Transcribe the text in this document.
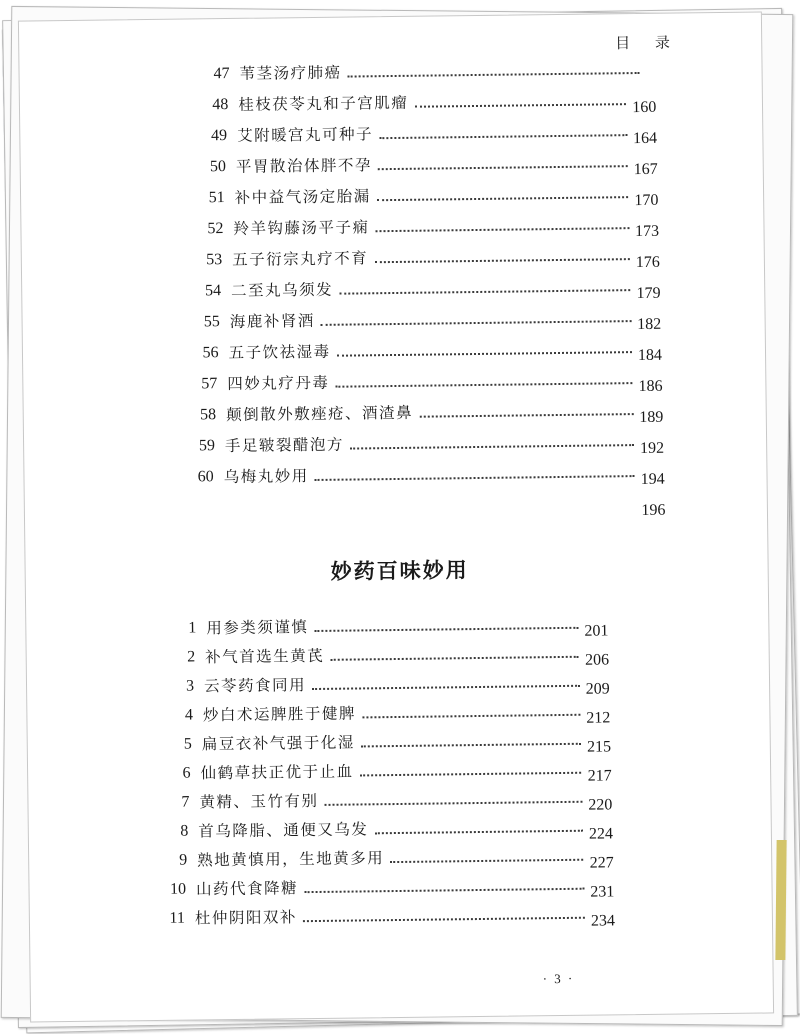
目 录
47 苇茎汤疗肺癌
48 桂枝茯苓丸和子宫肌瘤	160
49 艾附暖宫丸可种子	164
50 平胃散治体胖不孕	167
51 补中益气汤定胎漏	170
52 羚羊钩藤汤平子痫	173
53 五子衍宗丸疗不育	176
54 二至丸乌须发	179
55 海鹿补肾酒	182
56 五子饮祛湿毒	184
57 四妙丸疗丹毒	186
58 颠倒散外敷痤疮、酒渣鼻	189
59 手足皲裂醋泡方	192
60 乌梅丸妙用	194
196
妙药百味妙用
1 用参类须谨慎	201
2 补气首选生黄芪	206
3 云苓药食同用	209
4 炒白术运脾胜于健脾	212
5 扁豆衣补气强于化湿	215
6 仙鹤草扶正优于止血	217
7 黄精、玉竹有别	220
8 首乌降脂、通便又乌发	224
9 熟地黄慎用，生地黄多用	227
10 山药代食降糖	231
11 杜仲阴阳双补	234
· 3 ·
